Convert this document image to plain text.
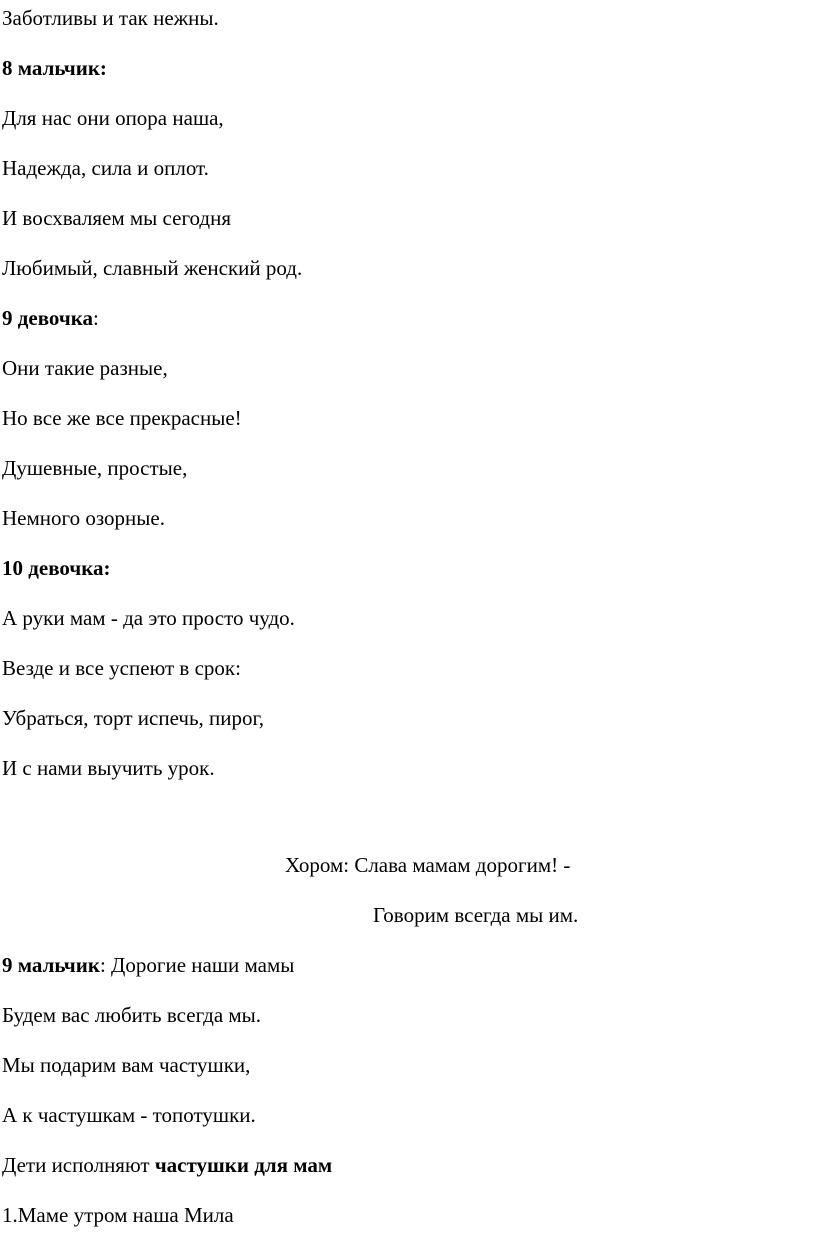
Заботливы и так нежны.
8 мальчик:
Для нас они опора наша,
Надежда, сила и оплот.
И восхваляем мы сегодня
Любимый, славный женский род.
9 девочка:
Они такие разные,
Но все же все прекрасные!
Душевные, простые,
Немного озорные.
10 девочка:
А руки мам - да это просто чудо.
Везде и все успеют в срок:
Убраться, торт испечь, пирог,
И с нами выучить урок.
Хором: Слава мамам дорогим! -
Говорим всегда мы им.
9 мальчик: Дорогие наши мамы
Будем вас любить всегда мы.
Мы подарим вам частушки,
А к частушкам - топотушки.
Дети исполняют частушки для мам
1.Маме утром наша Мила
